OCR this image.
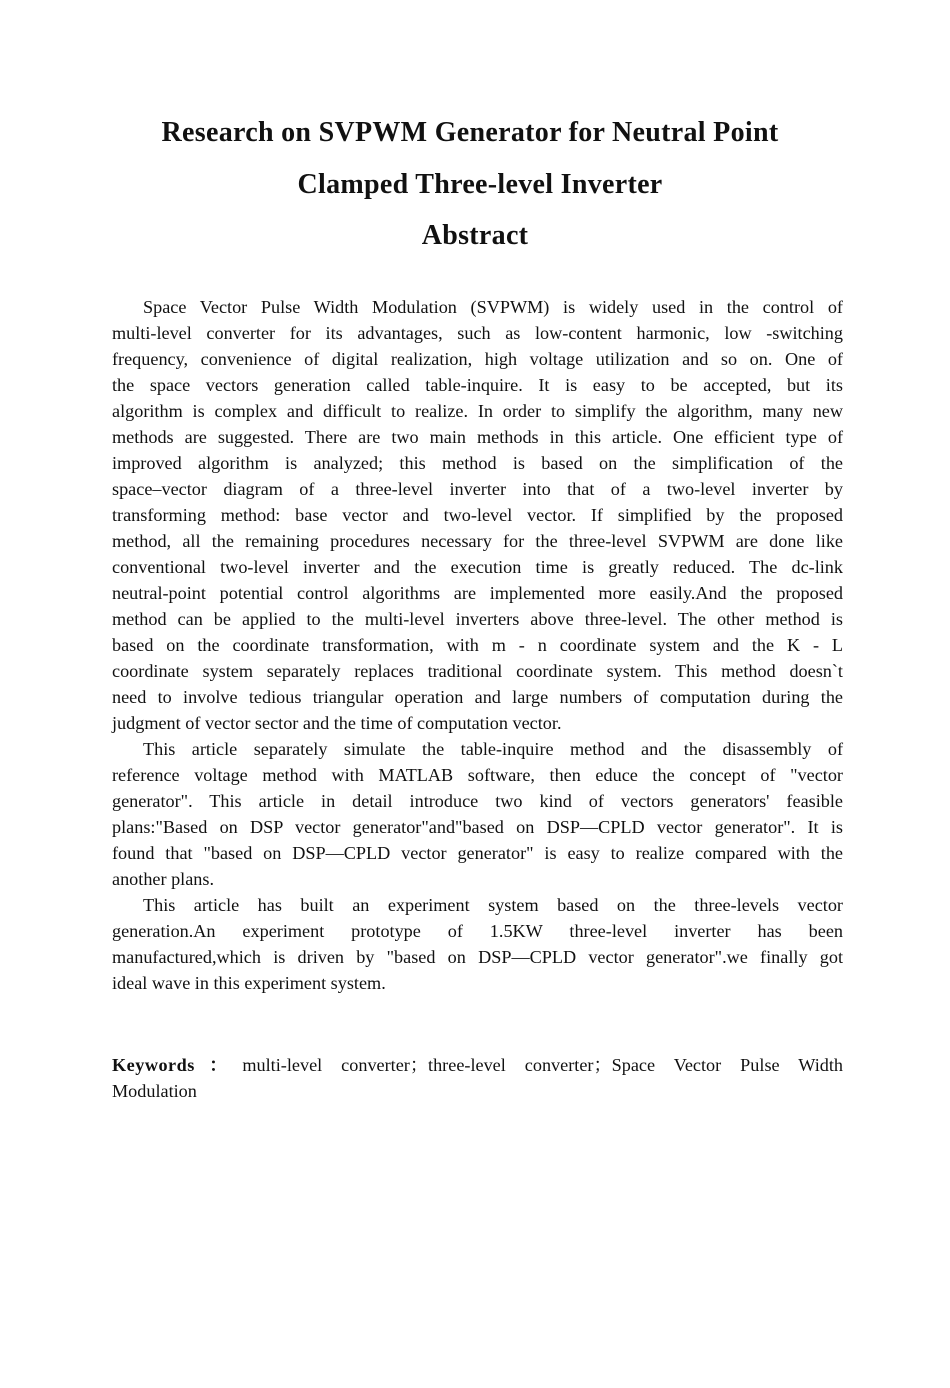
Research on SVPWM Generator for Neutral Point
Clamped Three-level Inverter
Abstract
Space Vector Pulse Width Modulation (SVPWM) is widely used in the control of
multi-level converter for its advantages, such as low-content harmonic, low -switching
frequency, convenience of digital realization, high voltage utilization and so on. One of
the space vectors generation called table-inquire. It is easy to be accepted, but its
algorithm is complex and difficult to realize. In order to simplify the algorithm, many new
methods are suggested. There are two main methods in this article. One efficient type of
improved algorithm is analyzed; this method is based on the simplification of the
space–vector diagram of a three-level inverter into that of a two-level inverter by
transforming method: base vector and two-level vector. If simplified by the proposed
method, all the remaining procedures necessary for the three-level SVPWM are done like
conventional two-level inverter and the execution time is greatly reduced. The dc-link
neutral-point potential control algorithms are implemented more easily.And the proposed
method can be applied to the multi-level inverters above three-level. The other method is
based on the coordinate transformation, with m - n coordinate system and the K - L
coordinate system separately replaces traditional coordinate system. This method doesn`t
need to involve tedious triangular operation and large numbers of computation during the
judgment of vector sector and the time of computation vector.
This article separately simulate the table-inquire method and the disassembly of
reference voltage method with MATLAB software, then educe the concept of "vector
generator". This article in detail introduce two kind of vectors generators' feasible
plans:"Based on DSP vector generator"and"based on DSP—CPLD vector generator". It is
found that "based on DSP—CPLD vector generator" is easy to realize compared with the
another plans.
This article has built an experiment system based on the three-levels vector
generation.An experiment prototype of 1.5KW three-level inverter has been
manufactured,which is driven by "based on DSP—CPLD vector generator".we finally got
ideal wave in this experiment system.
Keywords：multi-level converter；three-level converter；Space Vector Pulse Width
Modulation
